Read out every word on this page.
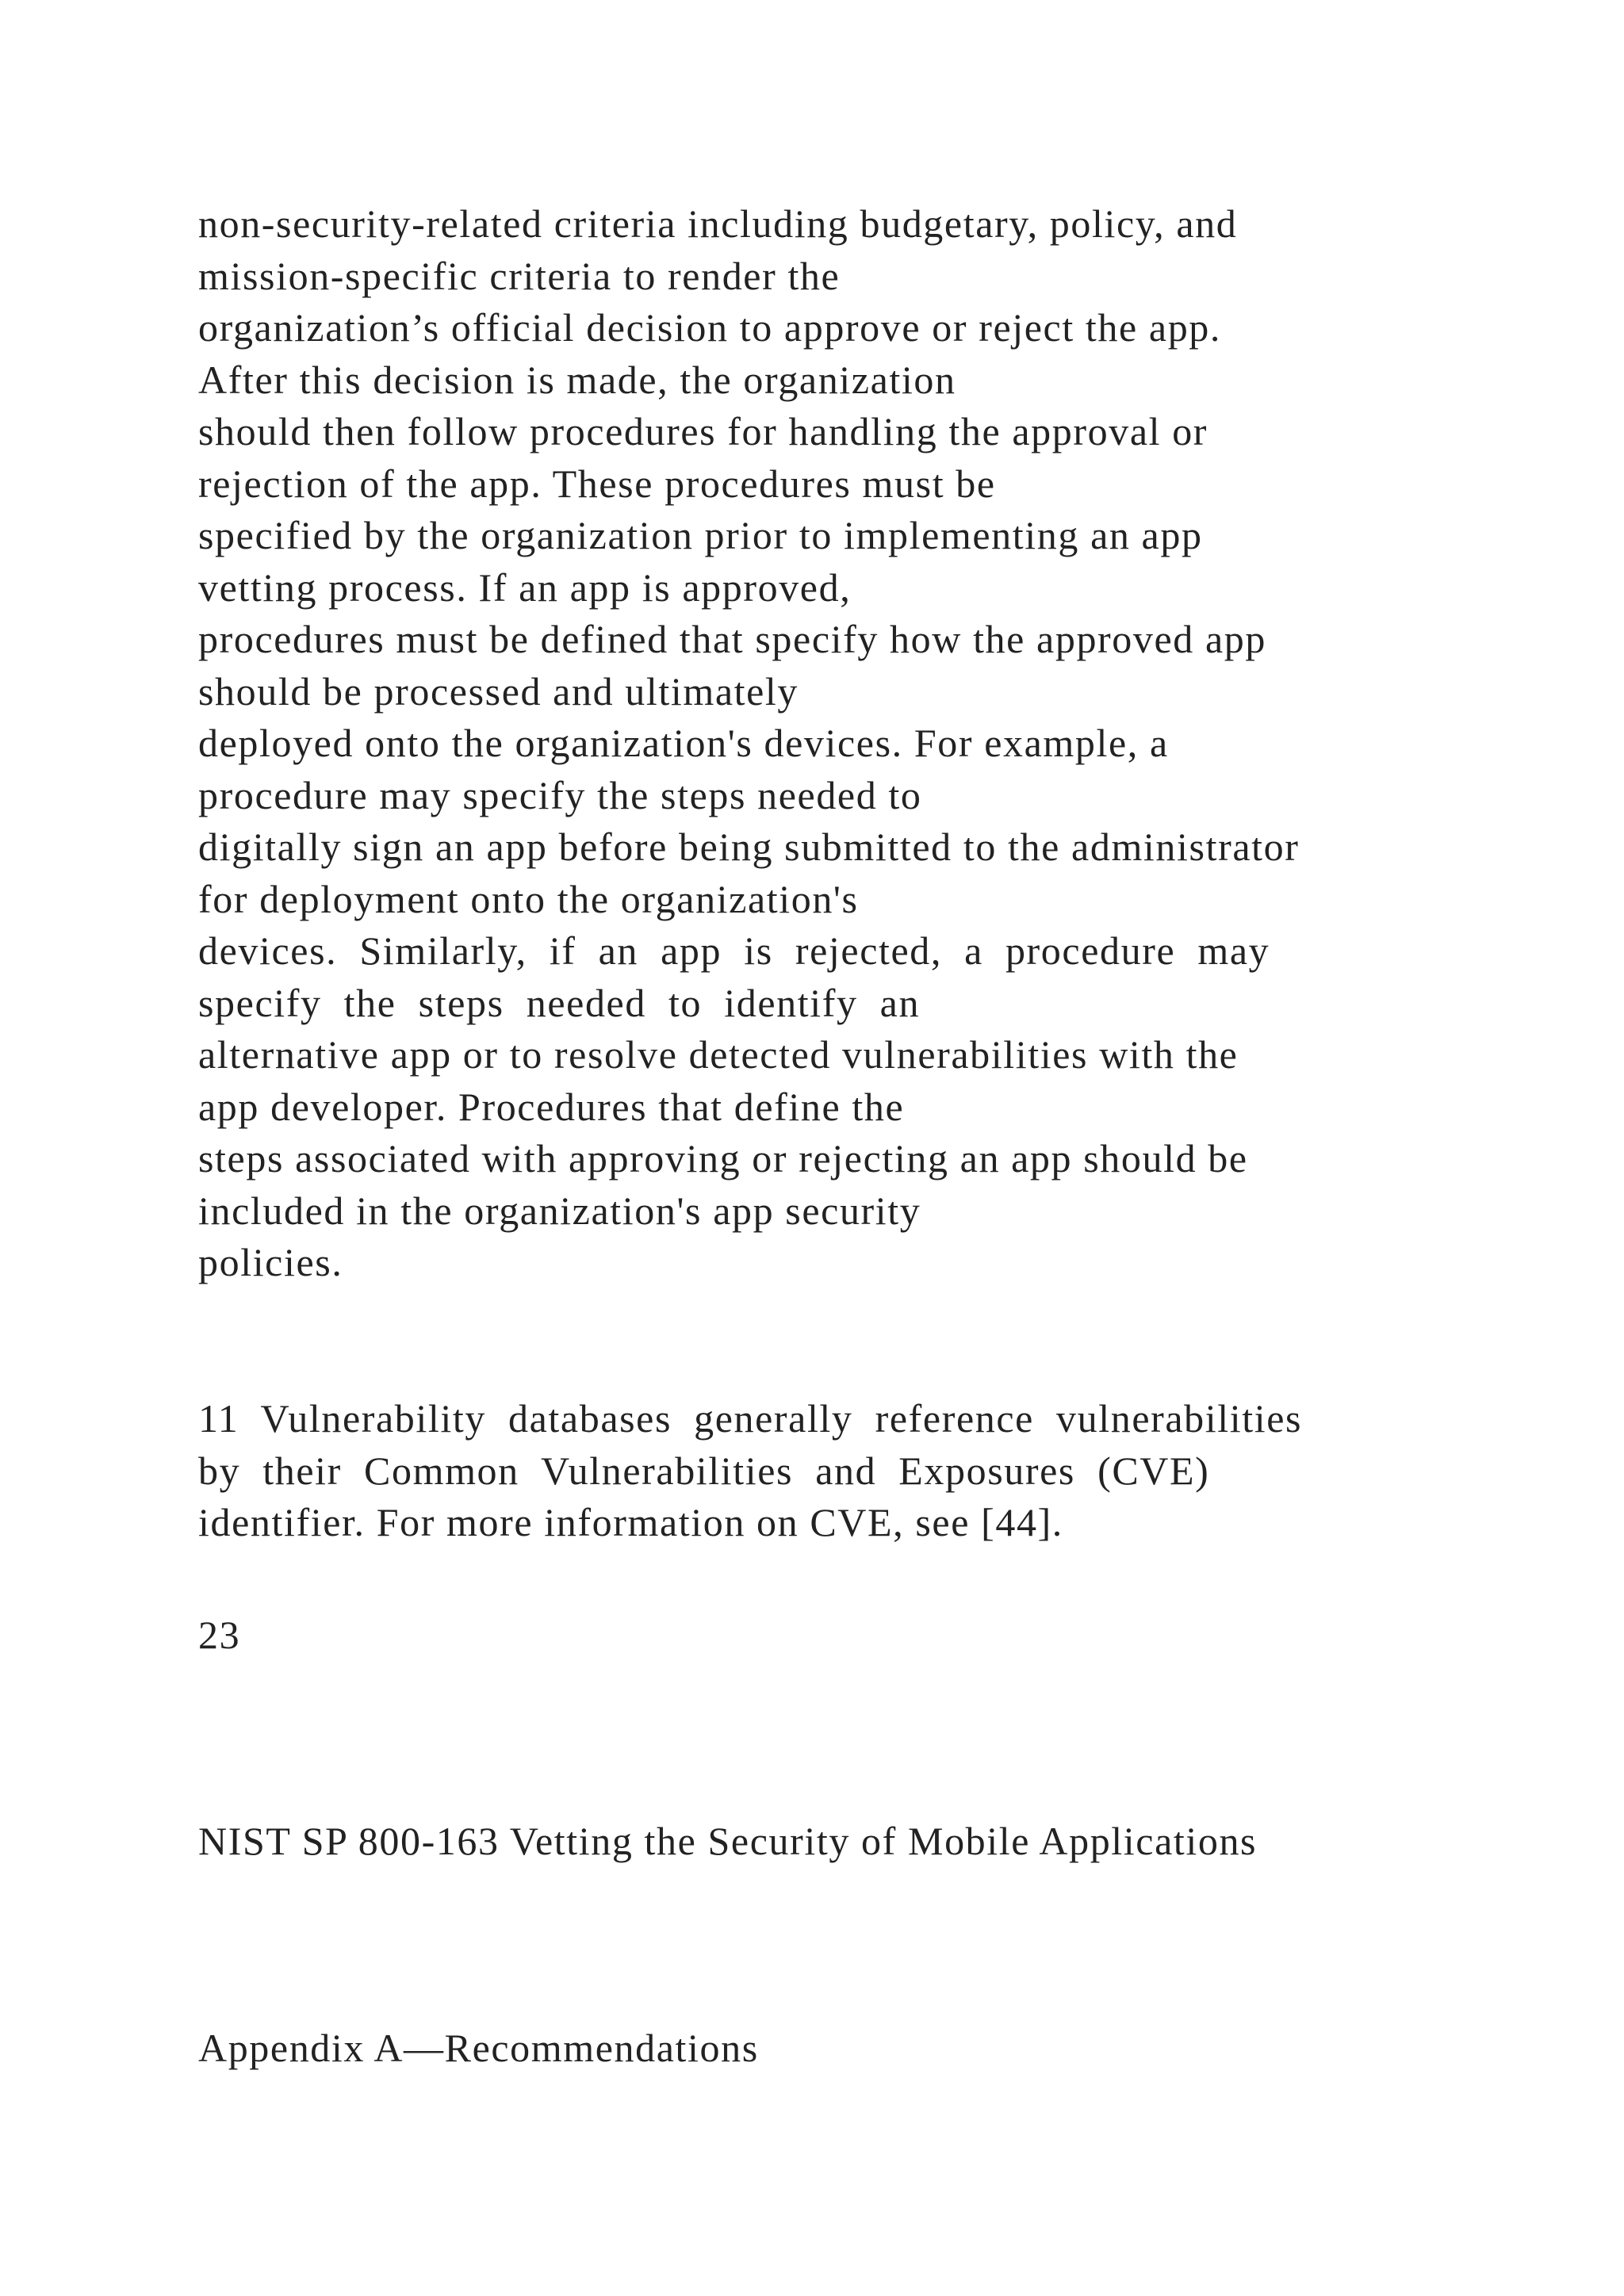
non-security-related criteria including budgetary, policy, and
mission-specific criteria to render the
organization’s official decision to approve or reject the app.
After this decision is made, the organization
should then follow procedures for handling the approval or
rejection of the app. These procedures must be
specified by the organization prior to implementing an app
vetting process. If an app is approved,
procedures must be defined that specify how the approved app
should be processed and ultimately
deployed onto the organization's devices. For example, a
procedure may specify the steps needed to
digitally sign an app before being submitted to the administrator
for deployment onto the organization's
devices. Similarly, if an app is rejected, a procedure may
specify the steps needed to identify an
alternative app or to resolve detected vulnerabilities with the
app developer. Procedures that define the
steps associated with approving or rejecting an app should be
included in the organization's app security
policies.
11 Vulnerability databases generally reference vulnerabilities
by their Common Vulnerabilities and Exposures (CVE)
identifier. For more information on CVE, see [44].
23
NIST SP 800-163 Vetting the Security of Mobile Applications
Appendix A—Recommendations
